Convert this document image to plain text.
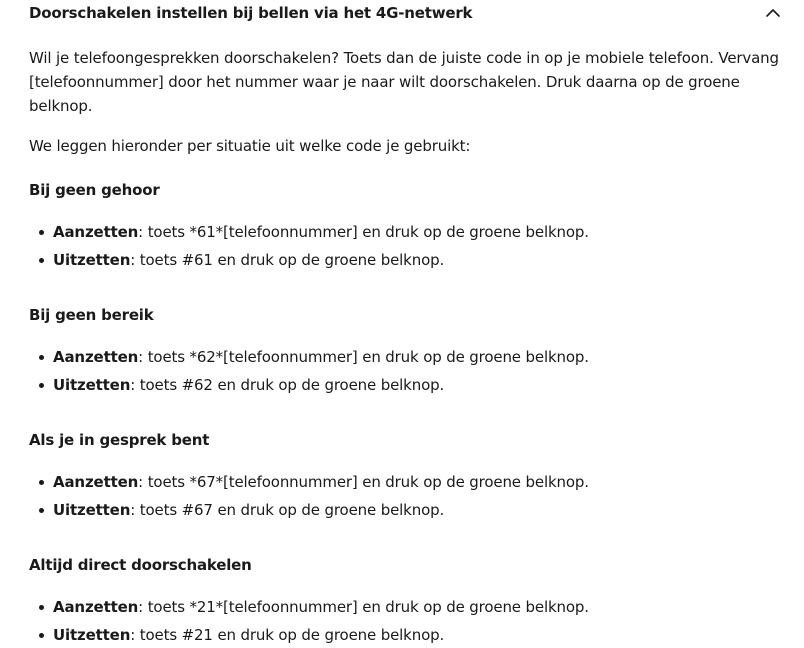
Doorschakelen instellen bij bellen via het 4G-netwerk

Wil je telefoongesprekken doorschakelen? Toets dan de juiste code in op je mobiele telefoon. Vervang [telefoonnummer] door het nummer waar je naar wilt doorschakelen. Druk daarna op de groene belknop.

We leggen hieronder per situatie uit welke code je gebruikt:

Bij geen gehoor
Aanzetten: toets *61*[telefoonnummer] en druk op de groene belknop.
Uitzetten: toets #61 en druk op de groene belknop.
Bij geen bereik
Aanzetten: toets *62*[telefoonnummer] en druk op de groene belknop.
Uitzetten: toets #62 en druk op de groene belknop.
Als je in gesprek bent
Aanzetten: toets *67*[telefoonnummer] en druk op de groene belknop.
Uitzetten: toets #67 en druk op de groene belknop.
Altijd direct doorschakelen
Aanzetten: toets *21*[telefoonnummer] en druk op de groene belknop.
Uitzetten: toets #21 en druk op de groene belknop.
